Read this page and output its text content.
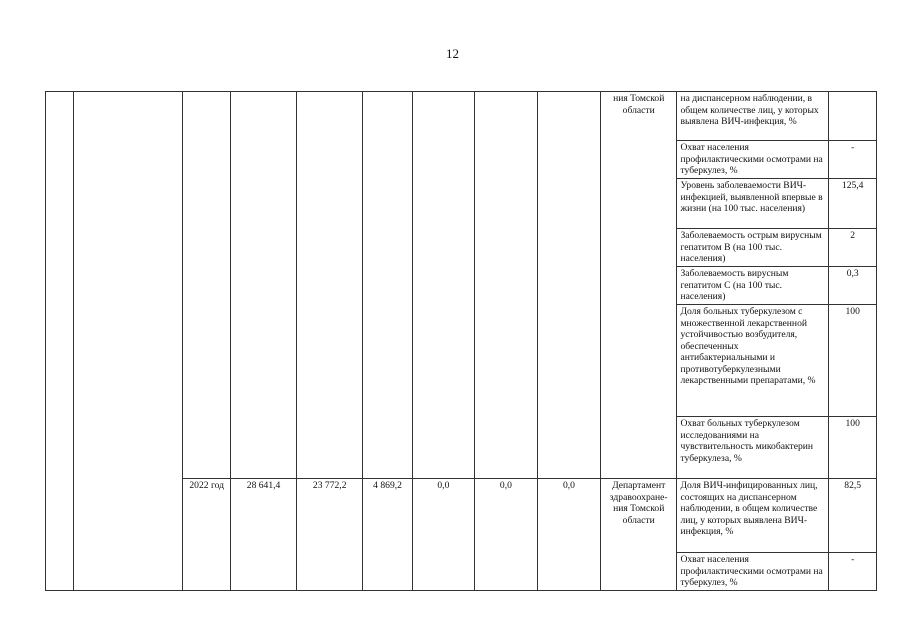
12
									ния Томской области	на диспансерном наблюдении, в общем количестве лиц, у которых выявлена ВИЧ-инфекция, %	
										Охват населения профилактическими осмотрами на туберкулез, %	-
										Уровень заболеваемости ВИЧ-инфекцией, выявленной впервые в жизни (на 100 тыс. населения)	125,4
										Заболеваемость острым вирусным гепатитом В (на 100 тыс. населения)	2
										Заболеваемость вирусным гепатитом С (на 100 тыс. населения)	0,3
										Доля больных туберкулезом с множественной лекарственной устойчивостью возбудителя, обеспеченных антибактериальными и противотуберкулезными лекарственными препаратами, %	100
										Охват больных туберкулезом исследованиями на чувствительность микобактерин туберкулеза, %	100
		2022 год	28 641,4	23 772,2	4 869,2	0,0	0,0	0,0	Департамент здравоохране-ния Томской области	Доля ВИЧ-инфицированных лиц, состоящих на диспансерном наблюдении, в общем количестве лиц, у которых выявлена ВИЧ-инфекция, %	82,5
										Охват населения профилактическими осмотрами на туберкулез, %	-
